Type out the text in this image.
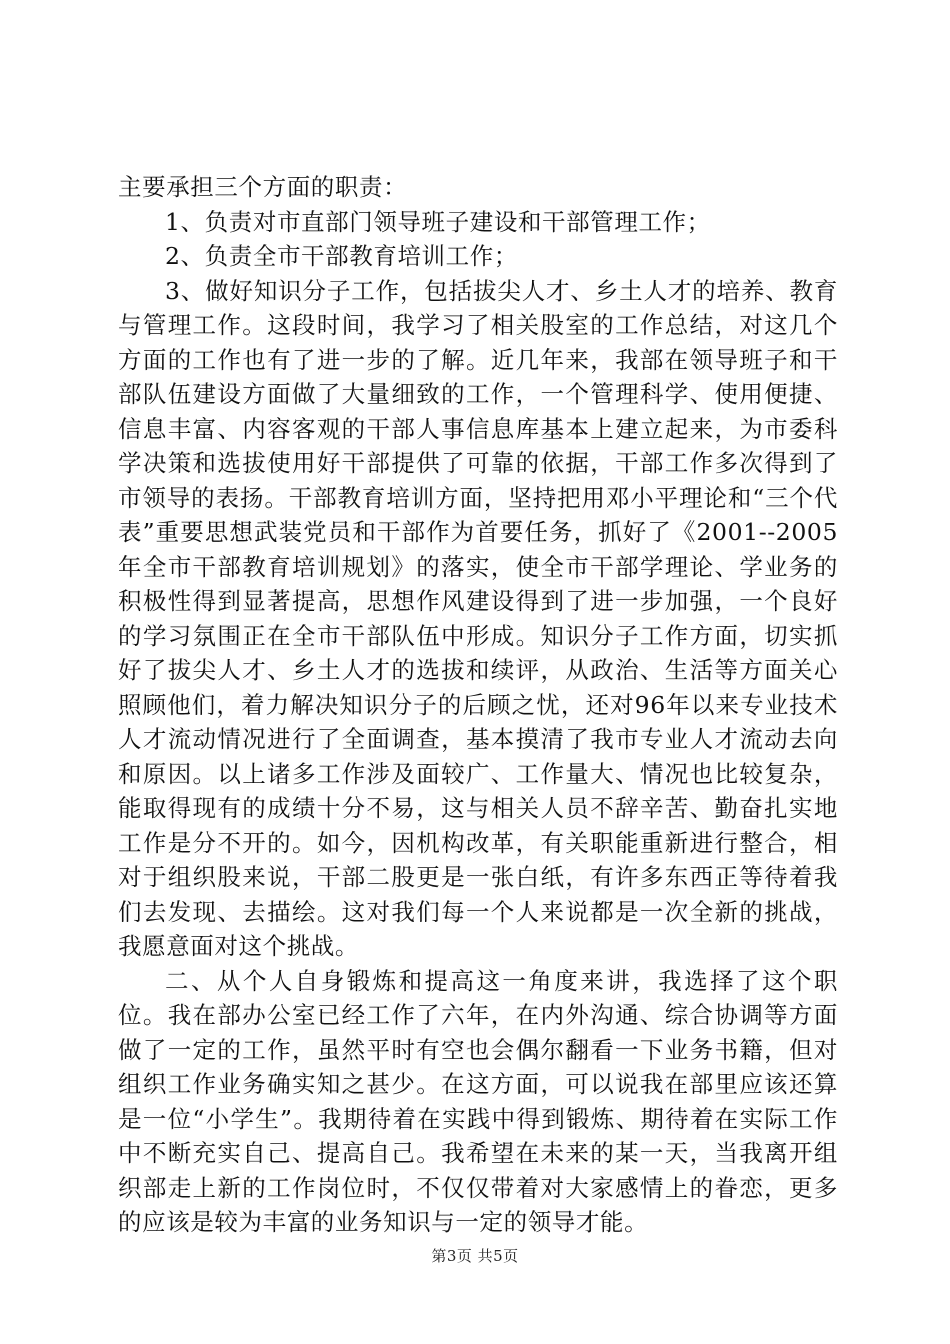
主要承担三个方面的职责：

1、负责对市直部门领导班子建设和干部管理工作；

2、负责全市干部教育培训工作；

3、做好知识分子工作，包括拔尖人才、乡土人才的培养、教育与管理工作。这段时间，我学习了相关股室的工作总结，对这几个方面的工作也有了进一步的了解。近几年来，我部在领导班子和干部队伍建设方面做了大量细致的工作，一个管理科学、使用便捷、信息丰富、内容客观的干部人事信息库基本上建立起来，为市委科学决策和选拔使用好干部提供了可靠的依据，干部工作多次得到了市领导的表扬。干部教育培训方面，坚持把用邓小平理论和“三个代表”重要思想武装党员和干部作为首要任务，抓好了《2001--2005年全市干部教育培训规划》的落实，使全市干部学理论、学业务的积极性得到显著提高，思想作风建设得到了进一步加强，一个良好的学习氛围正在全市干部队伍中形成。知识分子工作方面，切实抓好了拔尖人才、乡土人才的选拔和续评，从政治、生活等方面关心照顾他们，着力解决知识分子的后顾之忧，还对96年以来专业技术人才流动情况进行了全面调查，基本摸清了我市专业人才流动去向和原因。以上诸多工作涉及面较广、工作量大、情况也比较复杂，能取得现有的成绩十分不易，这与相关人员不辞辛苦、勤奋扎实地工作是分不开的。如今，因机构改革，有关职能重新进行整合，相对于组织股来说，干部二股更是一张白纸，有许多东西正等待着我们去发现、去描绘。这对我们每一个人来说都是一次全新的挑战，我愿意面对这个挑战。

二、从个人自身锻炼和提高这一角度来讲，我选择了这个职位。我在部办公室已经工作了六年，在内外沟通、综合协调等方面做了一定的工作，虽然平时有空也会偶尔翻看一下业务书籍，但对组织工作业务确实知之甚少。在这方面，可以说我在部里应该还算是一位“小学生”。我期待着在实践中得到锻炼、期待着在实际工作中不断充实自己、提高自己。我希望在未来的某一天，当我离开组织部走上新的工作岗位时，不仅仅带着对大家感情上的眷恋，更多的应该是较为丰富的业务知识与一定的领导才能。

第3页 共5页
